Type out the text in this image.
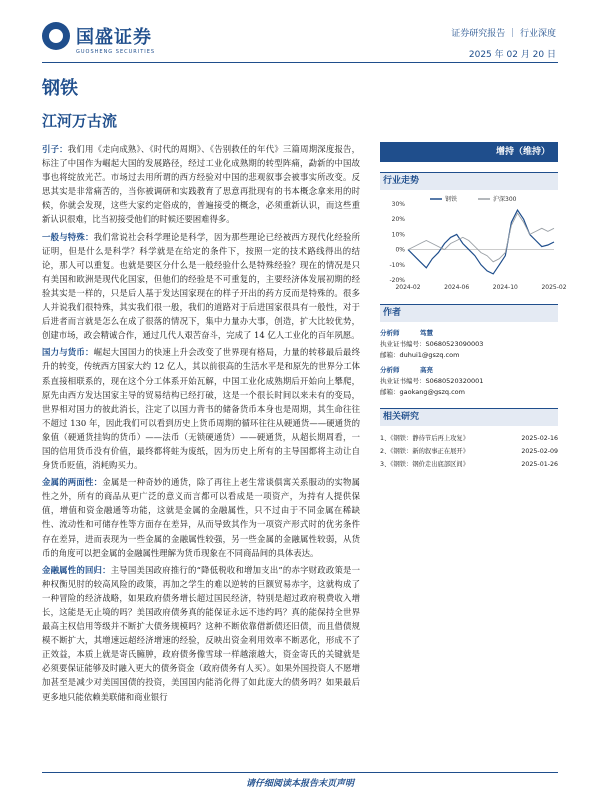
国盛证券
GUOSHENG SECURITIES
证券研究报告 ｜ 行业深度
2025 年 02 月 20 日
钢铁
江河万古流

引子：我们用《走向成熟》、《时代的周期》、《告别救任的年代》三篇周期深度报告，标注了中国作为崛起大国的发展路径，经过工业化成熟期的转型阵痛，勐新的中国故事也将绽放光芒。市场过去用所谓的西方经验对中国的悲观叙事会被事实所改变。反思其实是非常痛苦的，当你被调研和实践教育了思意再批现有的书本概念拿来用的时候，你就会发现，这些大家约定俗成的，普遍接受的概念，必须重新认识，而这些重新认识很难，比当初接受他们的时候还要困难得多。

一般与特殊：我们常说社会科学理论是科学，因为那些理论已经被西方现代化经验所证明，但是什么是科学？科学就是在给定的条件下，按照一定的技术路线得出的结论，那人可以重复。也就是要区分什么是一般经验什么是特殊经验？现在的情况是只有美国和欧洲是现代化国家，但他们的经验是不可重复的，主要经济体发展初期的经验其实是一样的，只是后人基于发达国家现在的样子开出的药方反而是特殊的。很多人并说我们很特殊，其实我们很一般，我们的道路对于后进国家很具有一般性，对于后进者而言就是怎么在成了很落的情况下，集中力量办大事，创造，扩大比较优势，创建市场，政会精诚合作，通过几代人艰苦奋斗，完成了 14 亿人工业化的百年夙愿。

国力与货币：崛起大国国力的快速上升会改变了世界现有格局，力量的转移最后最终升的转变，传统西方国家大约 12 亿人，其以前很高的生活水平是和原先的世界分工体系直接相联系的，现在这个分工体系开始瓦解，中国工业化成熟期后开始向上攀爬，原先由西方发达国家主导的贸易结构已经打破，这是一个很长时间以来未有的变局，世界相对国力的彼此消长，注定了以国力背书的储备货币本身也是周期，其生命往往不超过 130 年，因此我们可以看到历史上货币周期的循环往往从硬通货——硬通货的象值（硬通货挂钩的货币）——法币（无锁硬通货）——硬通货，从超长期周看，一国的信用货币没有价值，最终都将蛀为废纸，因为历史上所有的主导国都将主动让自身货币贬值，消耗购买力。

金属的两面性：金属是一种奇妙的通货，除了再往上老生常谈俱寓关系服动的实物属性之外，所有的商品从更广泛的意义而言都可以看成是一项资产，为持有人提供保值，增值和资金融通等功能，这就是金属的金融属性，只不过由于不同金属在稀缺性、流动性和可储存性等方面存在差异，从而导致其作为一项资产形式时的优劣条件存在差异，进而表现为一些金属的金融属性较强，另一些金属的金融属性较弱，从货币的角度可以把金属的金融属性理解为货币现象在不同商品间的具体表达。

金融属性的回归：主导国美国政府推行的“降低税收和增加支出”的赤字财政政策是一种权衡见肘的较高风险的政策，再加之学生的难以逆转的巨额贸易赤字，这就构成了一种冒险的经济战略，如果政府债务增长超过国民经济，特别是超过政府税费收入增长，这能是无止境的吗？美国政府债务真的能保证永远不违约吗？真的能保持全世界最高主权信用等级并不断扩大债务规模吗？这种不断依靠借新债还旧债，而且借债规模不断扩大，其增速远超经济增速的经验，反映出资金利用效率不断恶化，形成不了正效益，本质上就是寄氏臃肿，政府债务像雪球一样越滚越大，资金寄氏的关键就是必须要保证能够及时融入更大的债务资金（政府债务有人买）。如果外国投资人不愿增加甚至是减少对美国国债的投资，美国国内能消化得了如此庞大的债务吗？如果最后更多地只能依赖美联储和商业银行

增持（维持）
行业走势
30%
20%
10%
0%
-10%
-20%
2024-02	2024-06	2024-10	2025-02
钢铁	沪深300
作者
分析师	笃慧
执业证书编号：S0680523090003
邮箱：duhui1@gszq.com
分析师	高亮
执业证书编号：S0680520320001
邮箱：gaokang@gszq.com
相关研究
1、《钢铁：静待节后再上攻复》	2025-02-16
2、《钢铁：新的叙事正在展开》	2025-02-09
3、《钢铁：钢价走出底部区间》	2025-01-26
请仔细阅读本报告末页声明
